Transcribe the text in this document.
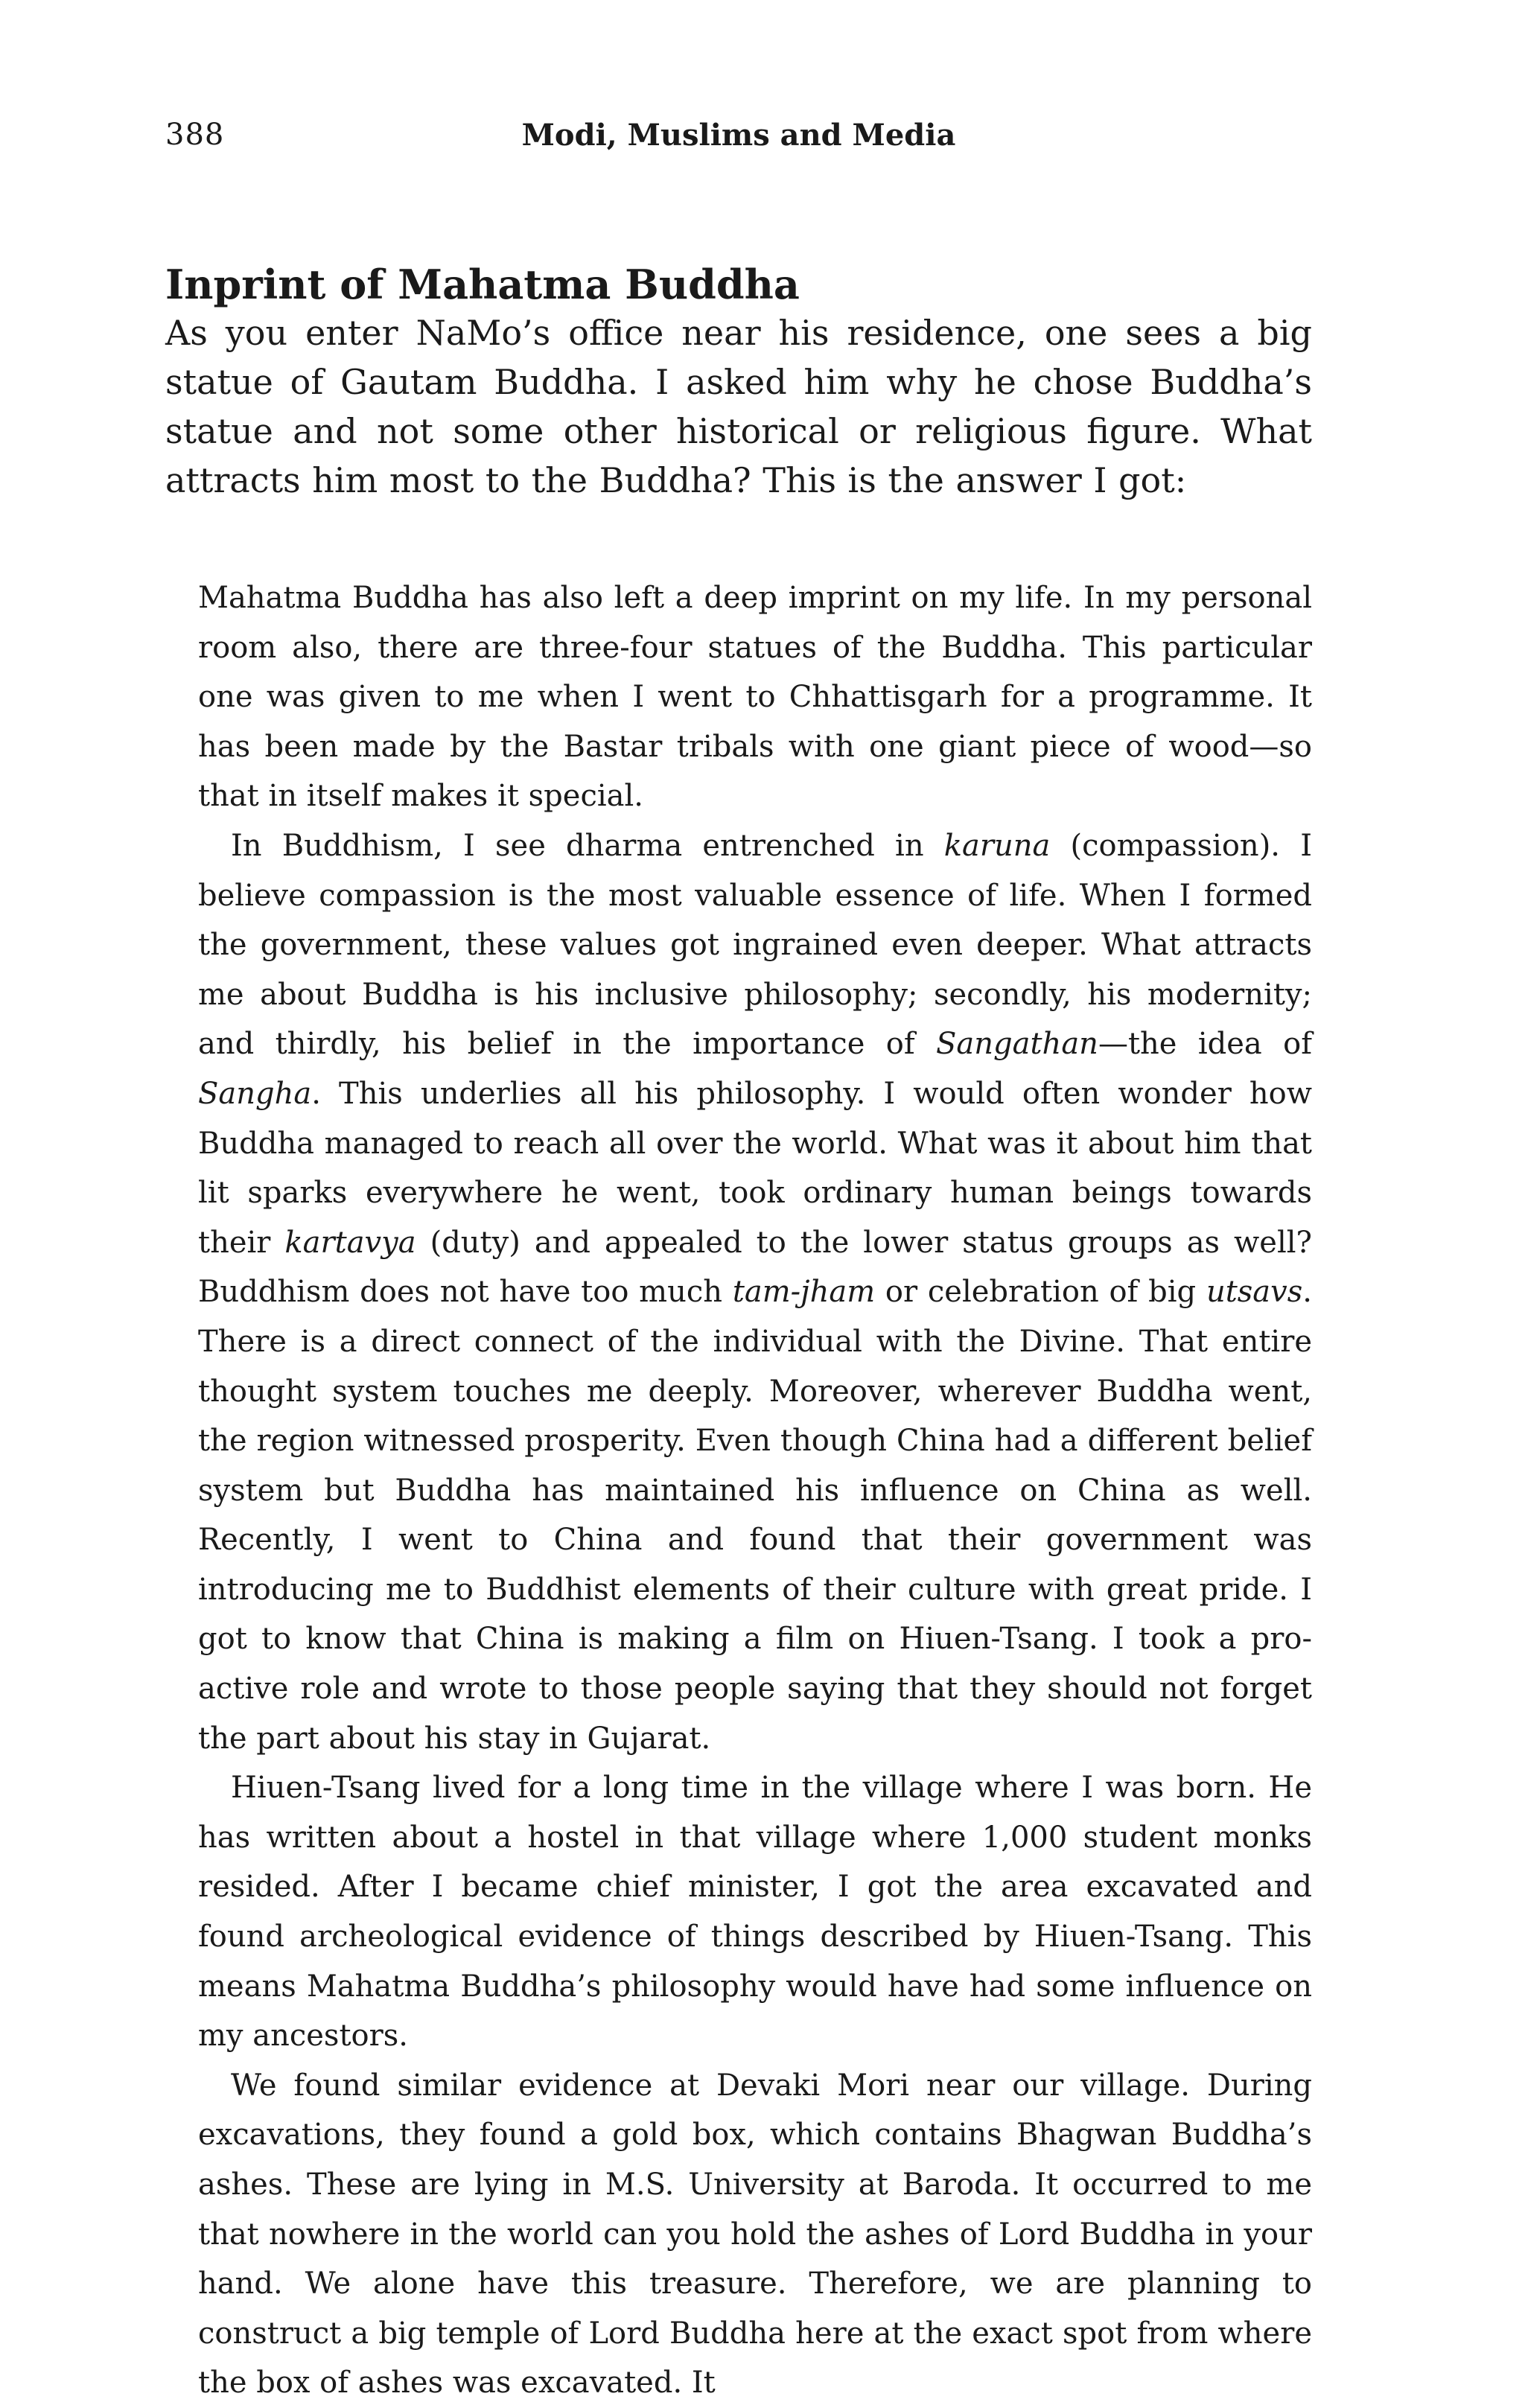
388	Modi, Muslims and Media
Inprint of Mahatma Buddha

As you enter NaMo’s office near his residence, one sees a big statue of Gautam Buddha. I asked him why he chose Buddha’s statue and not some other historical or religious figure. What attracts him most to the Buddha? This is the answer I got:

Mahatma Buddha has also left a deep imprint on my life. In my personal room also, there are three-four statues of the Buddha. This particular one was given to me when I went to Chhattisgarh for a programme. It has been made by the Bastar tribals with one giant piece of wood—so that in itself makes it special.

In Buddhism, I see dharma entrenched in karuna (compassion). I believe compassion is the most valuable essence of life. When I formed the government, these values got ingrained even deeper. What attracts me about Buddha is his inclusive philosophy; secondly, his modernity; and thirdly, his belief in the importance of Sangathan—the idea of Sangha. This underlies all his philosophy. I would often wonder how Buddha managed to reach all over the world. What was it about him that lit sparks everywhere he went, took ordinary human beings towards their kartavya (duty) and appealed to the lower status groups as well? Buddhism does not have too much tam-jham or celebration of big utsavs. There is a direct connect of the individual with the Divine. That entire thought system touches me deeply. Moreover, wherever Buddha went, the region witnessed prosperity. Even though China had a different belief system but Buddha has maintained his influence on China as well. Recently, I went to China and found that their government was introducing me to Buddhist elements of their culture with great pride. I got to know that China is making a film on Hiuen-Tsang. I took a pro-active role and wrote to those people saying that they should not forget the part about his stay in Gujarat.

Hiuen-Tsang lived for a long time in the village where I was born. He has written about a hostel in that village where 1,000 student monks resided. After I became chief minister, I got the area excavated and found archeological evidence of things described by Hiuen-Tsang. This means Mahatma Buddha’s philosophy would have had some influence on my ancestors.

We found similar evidence at Devaki Mori near our village. During excavations, they found a gold box, which contains Bhagwan Buddha’s ashes. These are lying in M.S. University at Baroda. It occurred to me that nowhere in the world can you hold the ashes of Lord Buddha in your hand. We alone have this treasure. Therefore, we are planning to construct a big temple of Lord Buddha here at the exact spot from where the box of ashes was excavated. It
